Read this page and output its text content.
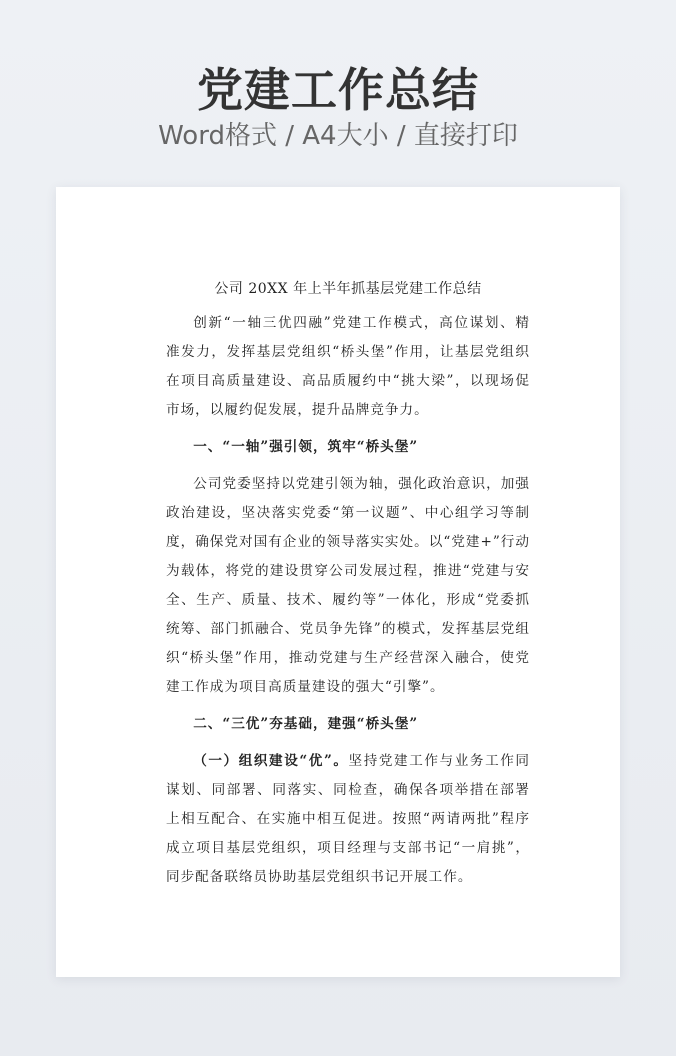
党建工作总结
Word格式 / A4大小 / 直接打印
公司 20XX 年上半年抓基层党建工作总结

创新“一轴三优四融”党建工作模式，高位谋划、精准发力，发挥基层党组织“桥头堡”作用，让基层党组织在项目高质量建设、高品质履约中“挑大梁”，以现场促市场，以履约促发展，提升品牌竞争力。

一、“一轴”强引领，筑牢“桥头堡”

公司党委坚持以党建引领为轴，强化政治意识，加强政治建设，坚决落实党委“第一议题”、中心组学习等制度，确保党对国有企业的领导落实实处。以“党建+”行动为载体，将党的建设贯穿公司发展过程，推进“党建与安全、生产、质量、技术、履约等”一体化，形成“党委抓统筹、部门抓融合、党员争先锋”的模式，发挥基层党组织“桥头堡”作用，推动党建与生产经营深入融合，使党建工作成为项目高质量建设的强大“引擎”。

二、“三优”夯基础，建强“桥头堡”

（一）组织建设“优”。坚持党建工作与业务工作同谋划、同部署、同落实、同检查，确保各项举措在部署上相互配合、在实施中相互促进。按照“两请两批”程序成立项目基层党组织，项目经理与支部书记“一肩挑”，同步配备联络员协助基层党组织书记开展工作。
